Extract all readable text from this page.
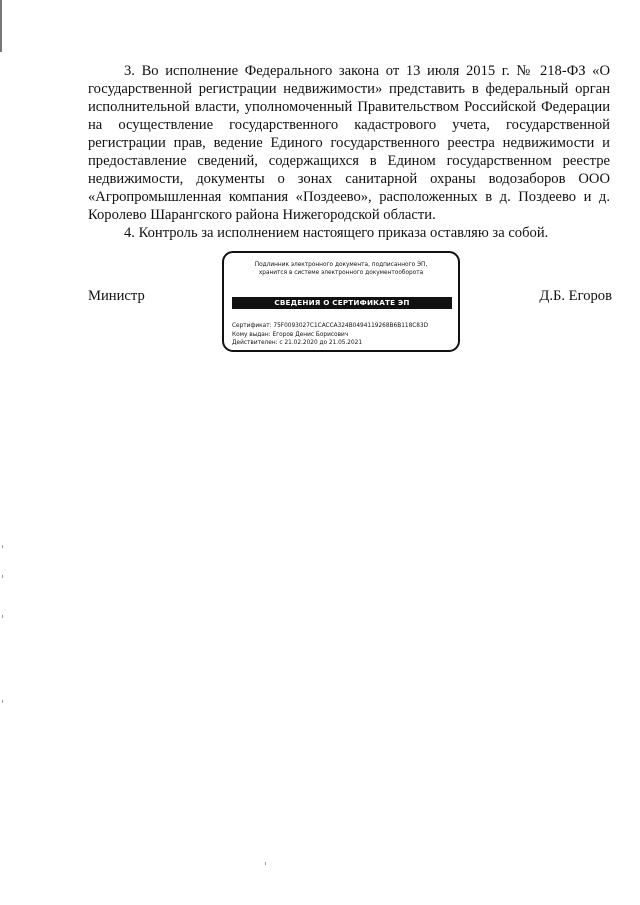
3. Во исполнение Федерального закона от 13 июля 2015 г. № 218-ФЗ «О государственной регистрации недвижимости» представить в федеральный орган исполнительной власти, уполномоченный Правительством Российской Федерации на осуществление государственного кадастрового учета, государственной регистрации прав, ведение Единого государственного реестра недвижимости и предоставление сведений, содержащихся в Едином государственном реестре недвижимости, документы о зонах санитарной охраны водозаборов ООО «Агропромышленная компания «Поздеево», расположенных в д. Поздеево и д. Королево Шарангского района Нижегородской области.

4. Контроль за исполнением настоящего приказа оставляю за собой.

Министр	Д.Б. Егоров
Подлинник электронного документа, подписанного ЭП,
хранится в системе электронного документооборота
СВЕДЕНИЯ О СЕРТИФИКАТЕ ЭП
Сертификат: 75F0093027C1CACCA324B0494119268B6B118C83D
Кому выдан: Егоров Денис Борисович
Действителен: с 21.02.2020 до 21.05.2021
